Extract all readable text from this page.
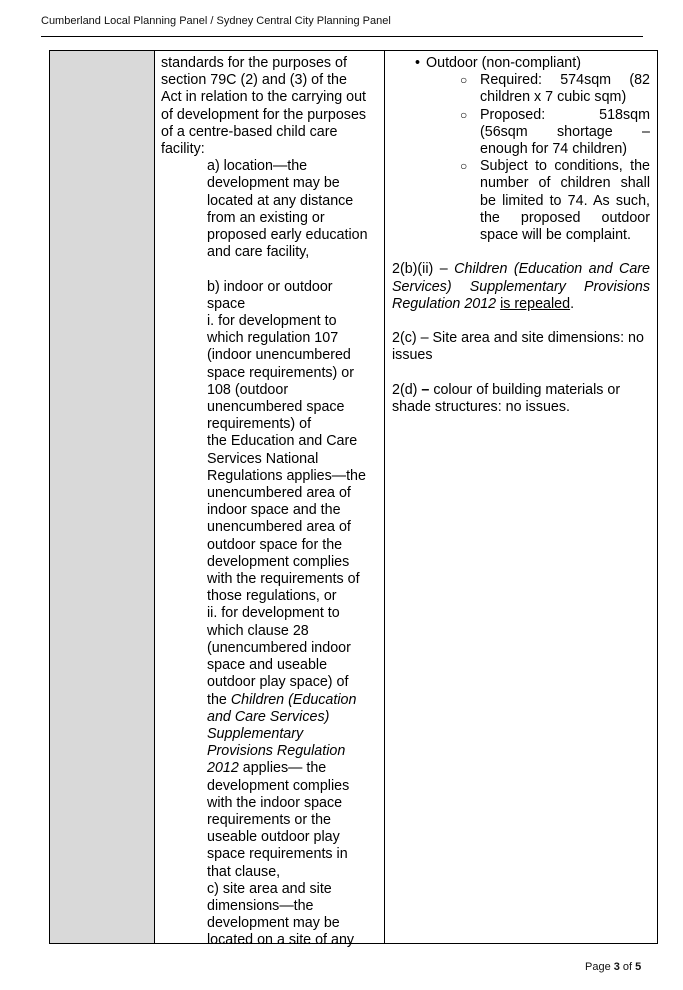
Cumberland Local Planning Panel / Sydney Central City Planning Panel
standards for the purposes of
section 79C (2) and (3) of the
Act in relation to the carrying out
of development for the purposes
of a centre-based child care
facility:
a) location—the
development may be
located at any distance
from an existing or
proposed early education
and care facility,
b) indoor or outdoor
space
i. for development to
which regulation 107
(indoor unencumbered
space requirements) or
108 (outdoor
unencumbered space
requirements) of
the Education and Care
Services National
Regulations applies—the
unencumbered area of
indoor space and the
unencumbered area of
outdoor space for the
development complies
with the requirements of
those regulations, or
ii. for development to
which clause 28
(unencumbered indoor
space and useable
outdoor play space) of
the Children (Education
and Care Services)
Supplementary
Provisions Regulation
2012 applies— the
development complies
with the indoor space
requirements or the
useable outdoor play
space requirements in
that clause,
c) site area and site
dimensions—the
development may be
located on a site of any
• Outdoor (non-compliant)
○ Required: 574sqm (82 children x 7 cubic sqm)
○ Proposed: 518sqm (56sqm shortage – enough for 74 children)
○ Subject to conditions, the number of children shall be limited to 74. As such, the proposed outdoor space will be complaint.
2(b)(ii) – Children (Education and Care Services) Supplementary Provisions Regulation 2012 is repealed.
2(c) – Site area and site dimensions: no issues
2(d) – colour of building materials or shade structures: no issues.
Page 3 of 5
